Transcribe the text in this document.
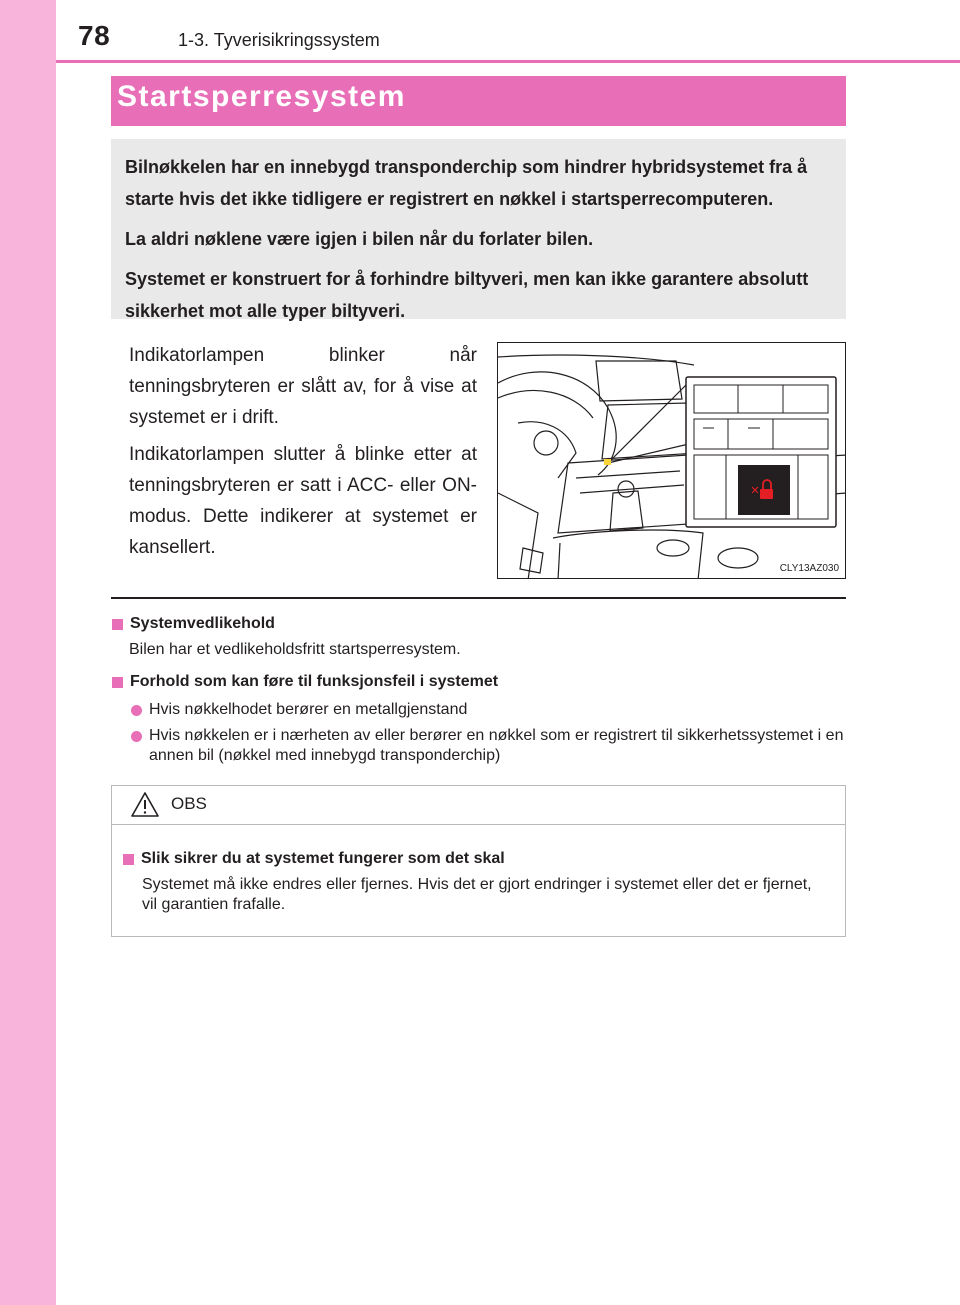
78	1-3. Tyverisikringssystem
Startsperresystem

Bilnøkkelen har en innebygd transponderchip som hindrer hybridsystemet fra å starte hvis det ikke tidligere er registrert en nøkkel i startsperrecomputeren.

La aldri nøklene være igjen i bilen når du forlater bilen.

Systemet er konstruert for å forhindre biltyveri, men kan ikke garantere absolutt sikkerhet mot alle typer biltyveri.

Indikatorlampen blinker når tenningsbryteren er slått av, for å vise at systemet er i drift.

Indikatorlampen slutter å blinke etter at tenningsbryteren er satt i ACC- eller ON-modus. Dette indikerer at systemet er kansellert.

CLY13AZ030
Systemvedlikehold
Bilen har et vedlikeholdsfritt startsperresystem.
Forhold som kan føre til funksjonsfeil i systemet
Hvis nøkkelhodet berører en metallgjenstand
Hvis nøkkelen er i nærheten av eller berører en nøkkel som er registrert til sikkerhetssystemet i en annen bil (nøkkel med innebygd transponderchip)
OBS
Slik sikrer du at systemet fungerer som det skal
Systemet må ikke endres eller fjernes. Hvis det er gjort endringer i systemet eller det er fjernet, vil garantien frafalle.
